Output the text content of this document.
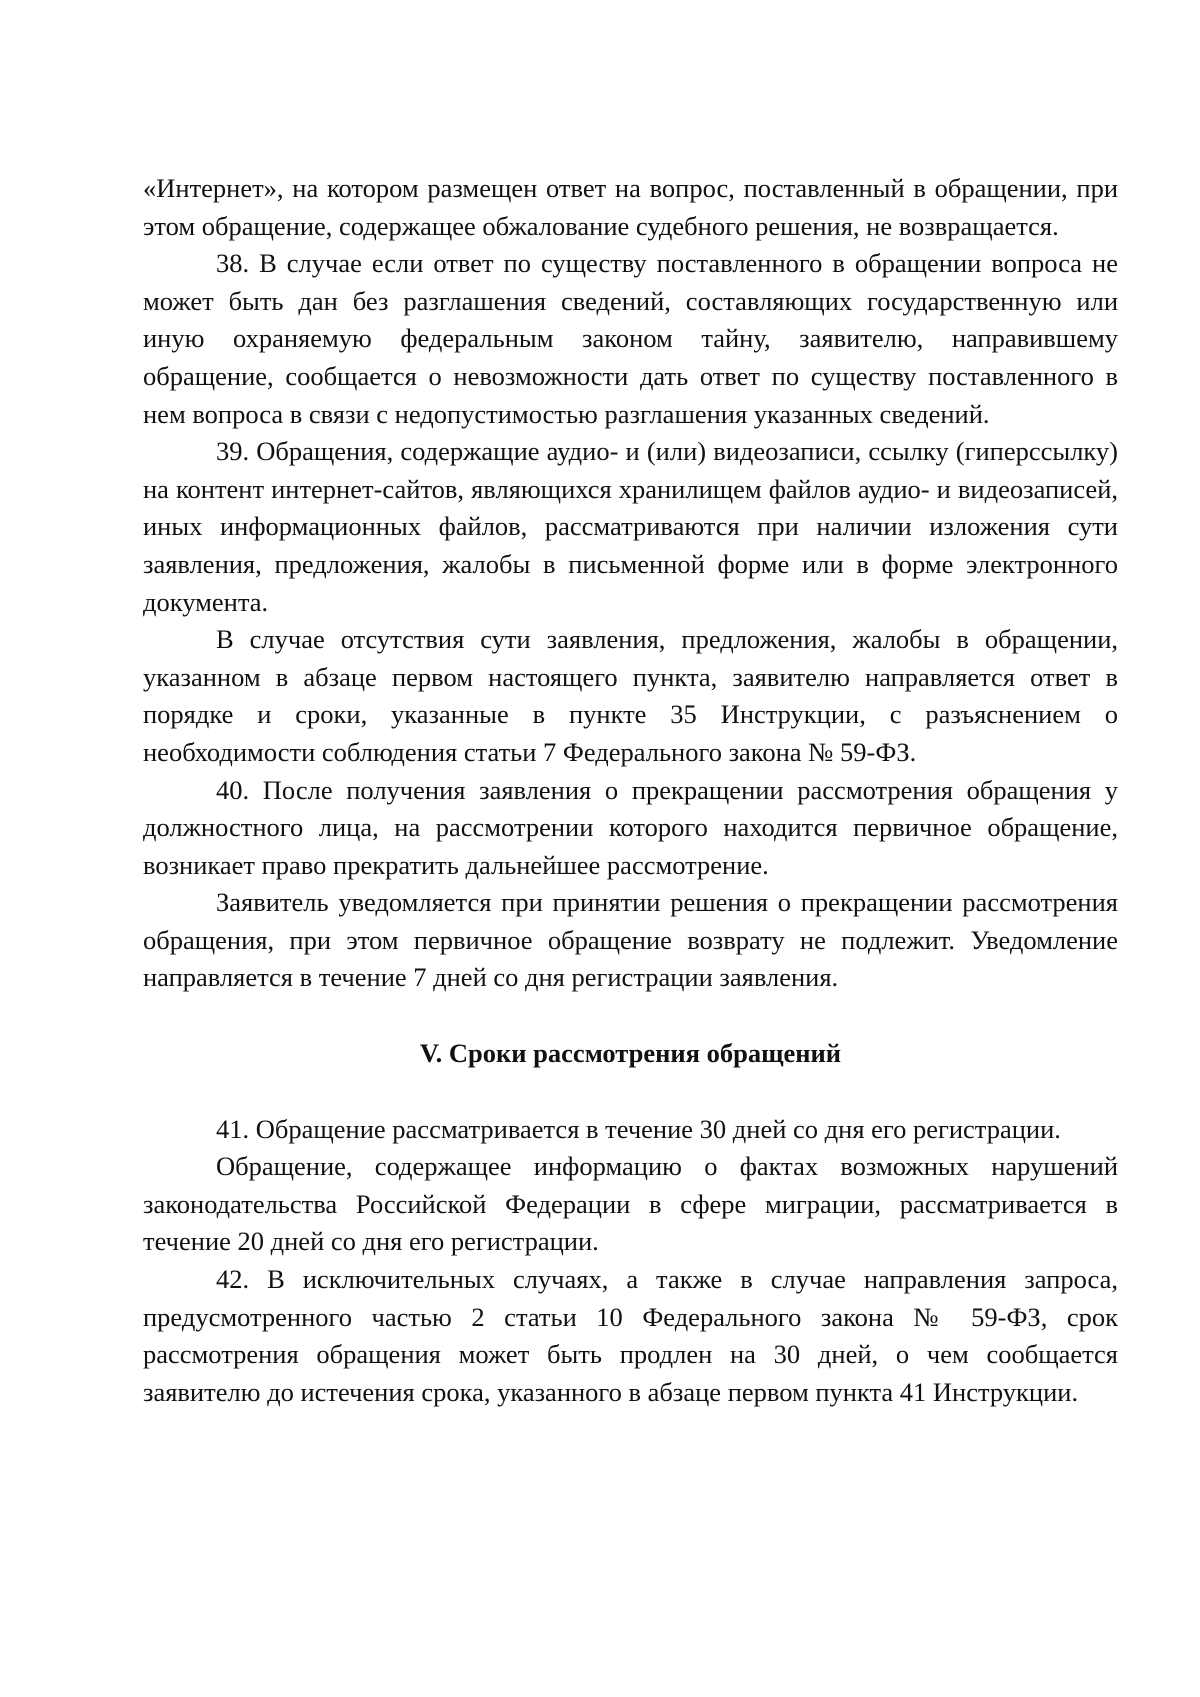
«Интернет», на котором размещен ответ на вопрос, поставленный в обращении, при этом обращение, содержащее обжалование судебного решения, не возвращается.

38. В случае если ответ по существу поставленного в обращении вопроса не может быть дан без разглашения сведений, составляющих государственную или иную охраняемую федеральным законом тайну, заявителю, направившему обращение, сообщается о невозможности дать ответ по существу поставленного в нем вопроса в связи с недопустимостью разглашения указанных сведений.

39. Обращения, содержащие аудио- и (или) видеозаписи, ссылку (гиперссылку) на контент интернет-сайтов, являющихся хранилищем файлов аудио- и видеозаписей, иных информационных файлов, рассматриваются при наличии изложения сути заявления, предложения, жалобы в письменной форме или в форме электронного документа.

В случае отсутствия сути заявления, предложения, жалобы в обращении, указанном в абзаце первом настоящего пункта, заявителю направляется ответ в порядке и сроки, указанные в пункте 35 Инструкции, с разъяснением о необходимости соблюдения статьи 7 Федерального закона № 59-ФЗ.

40. После получения заявления о прекращении рассмотрения обращения у должностного лица, на рассмотрении которого находится первичное обращение, возникает право прекратить дальнейшее рассмотрение.

Заявитель уведомляется при принятии решения о прекращении рассмотрения обращения, при этом первичное обращение возврату не подлежит. Уведомление направляется в течение 7 дней со дня регистрации заявления.

V. Сроки рассмотрения обращений

41. Обращение рассматривается в течение 30 дней со дня его регистрации.

Обращение, содержащее информацию о фактах возможных нарушений законодательства Российской Федерации в сфере миграции, рассматривается в течение 20 дней со дня его регистрации.

42. В исключительных случаях, а также в случае направления запроса, предусмотренного частью 2 статьи 10 Федерального закона № 59-ФЗ, срок рассмотрения обращения может быть продлен на 30 дней, о чем сообщается заявителю до истечения срока, указанного в абзаце первом пункта 41 Инструкции.
